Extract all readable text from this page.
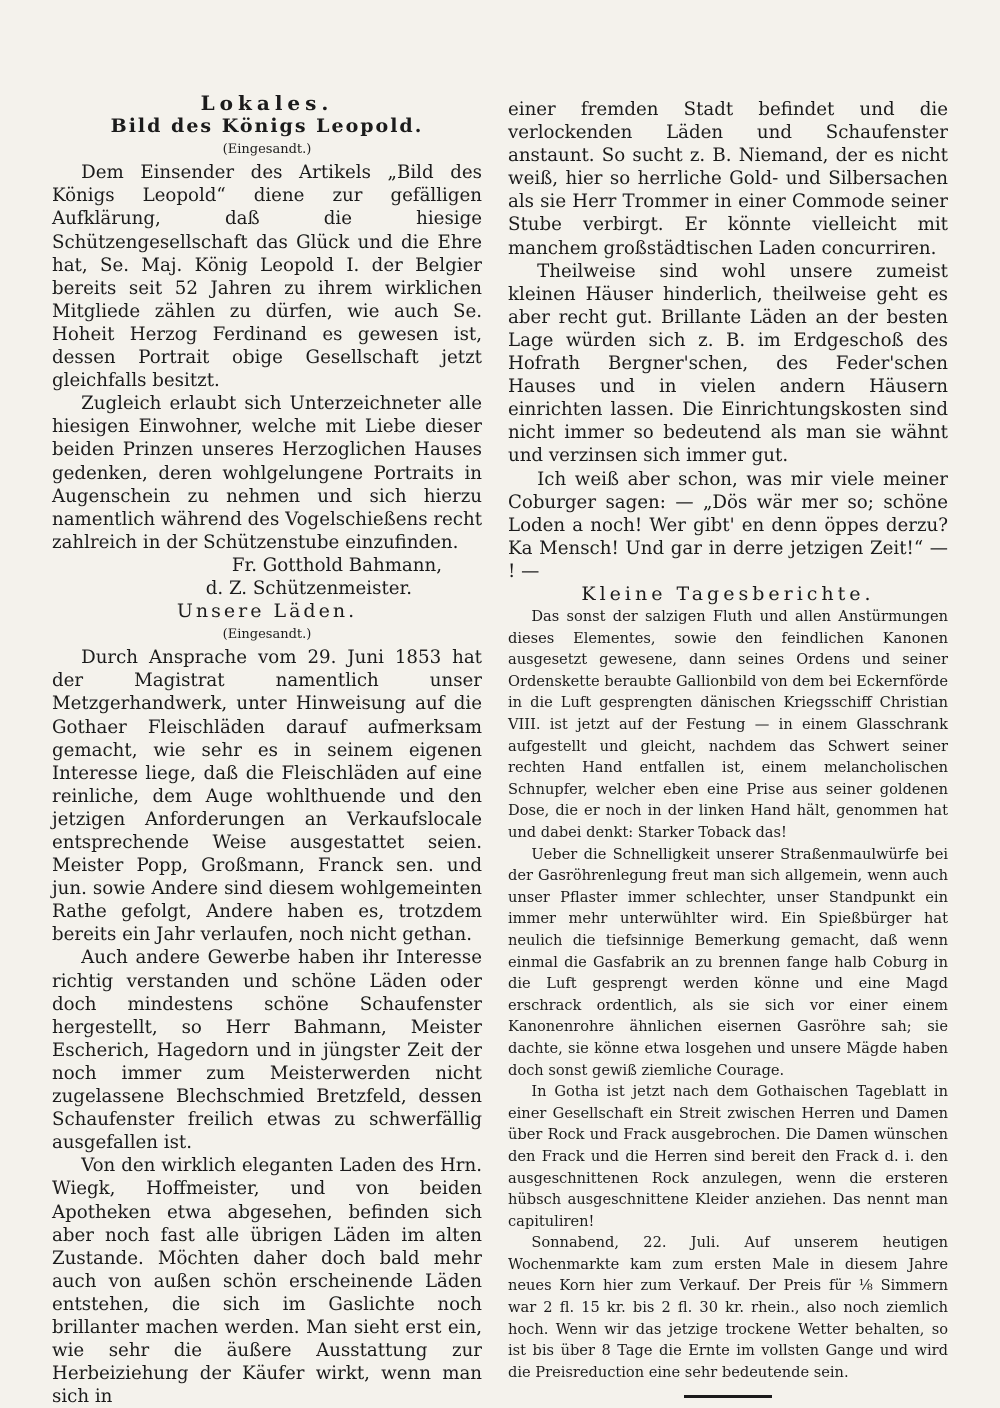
Lokales.

Bild des Königs Leopold.

(Eingesandt.)

Dem Einsender des Artikels „Bild des Königs Leopold“ diene zur gefälligen Aufklärung, daß die hiesige Schützengesellschaft das Glück und die Ehre hat, Se. Maj. König Leopold I. der Belgier bereits seit 52 Jahren zu ihrem wirklichen Mitgliede zählen zu dürfen, wie auch Se. Hoheit Herzog Ferdinand es gewesen ist, dessen Portrait obige Gesellschaft jetzt gleichfalls besitzt.

Zugleich erlaubt sich Unterzeichneter alle hiesigen Einwohner, welche mit Liebe dieser beiden Prinzen unseres Herzoglichen Hauses gedenken, deren wohlgelungene Portraits in Augenschein zu nehmen und sich hierzu namentlich während des Vogelschießens recht zahlreich in der Schützenstube einzufinden.

Fr. Gotthold Bahmann,

d. Z. Schützenmeister.

Unsere Läden.

(Eingesandt.)

Durch Ansprache vom 29. Juni 1853 hat der Magistrat namentlich unser Metzgerhandwerk, unter Hinweisung auf die Gothaer Fleischläden darauf aufmerksam gemacht, wie sehr es in seinem eigenen Interesse liege, daß die Fleischläden auf eine reinliche, dem Auge wohlthuende und den jetzigen Anforderungen an Verkaufslocale entsprechende Weise ausgestattet seien. Meister Popp, Großmann, Franck sen. und jun. sowie Andere sind diesem wohlgemeinten Rathe gefolgt, Andere haben es, trotzdem bereits ein Jahr verlaufen, noch nicht gethan.

Auch andere Gewerbe haben ihr Interesse richtig verstanden und schöne Läden oder doch mindestens schöne Schaufenster hergestellt, so Herr Bahmann, Meister Escherich, Hagedorn und in jüngster Zeit der noch immer zum Meisterwerden nicht zugelassene Blechschmied Bretzfeld, dessen Schaufenster freilich etwas zu schwerfällig ausgefallen ist.

Von den wirklich eleganten Laden des Hrn. Wiegk, Hoffmeister, und von beiden Apotheken etwa abgesehen, befinden sich aber noch fast alle übrigen Läden im alten Zustande. Möchten daher doch bald mehr auch von außen schön erscheinende Läden entstehen, die sich im Gaslichte noch brillanter machen werden. Man sieht erst ein, wie sehr die äußere Ausstattung zur Herbeiziehung der Käufer wirkt, wenn man sich in

einer fremden Stadt befindet und die verlockenden Läden und Schaufenster anstaunt. So sucht z. B. Niemand, der es nicht weiß, hier so herrliche Gold- und Silbersachen als sie Herr Trommer in einer Commode seiner Stube verbirgt. Er könnte vielleicht mit manchem großstädtischen Laden concurriren.

Theilweise sind wohl unsere zumeist kleinen Häuser hinderlich, theilweise geht es aber recht gut. Brillante Läden an der besten Lage würden sich z. B. im Erdgeschoß des Hofrath Bergner'schen, des Feder'schen Hauses und in vielen andern Häusern einrichten lassen. Die Einrichtungskosten sind nicht immer so bedeutend als man sie wähnt und verzinsen sich immer gut.

Ich weiß aber schon, was mir viele meiner Coburger sagen: — „Dös wär mer so; schöne Loden a noch! Wer gibt' en denn öppes derzu? Ka Mensch! Und gar in derre jetzigen Zeit!“ — ! —

Kleine Tagesberichte.

Das sonst der salzigen Fluth und allen Anstürmungen dieses Elementes, sowie den feindlichen Kanonen ausgesetzt gewesene, dann seines Ordens und seiner Ordenskette beraubte Gallionbild von dem bei Eckernförde in die Luft gesprengten dänischen Kriegsschiff Christian VIII. ist jetzt auf der Festung — in einem Glasschrank aufgestellt und gleicht, nachdem das Schwert seiner rechten Hand entfallen ist, einem melancholischen Schnupfer, welcher eben eine Prise aus seiner goldenen Dose, die er noch in der linken Hand hält, genommen hat und dabei denkt: Starker Toback das!

Ueber die Schnelligkeit unserer Straßenmaulwürfe bei der Gasröhrenlegung freut man sich allgemein, wenn auch unser Pflaster immer schlechter, unser Standpunkt ein immer mehr unterwühlter wird. Ein Spießbürger hat neulich die tiefsinnige Bemerkung gemacht, daß wenn einmal die Gasfabrik an zu brennen fange halb Coburg in die Luft gesprengt werden könne und eine Magd erschrack ordentlich, als sie sich vor einer einem Kanonenrohre ähnlichen eisernen Gasröhre sah; sie dachte, sie könne etwa losgehen und unsere Mägde haben doch sonst gewiß ziemliche Courage.

In Gotha ist jetzt nach dem Gothaischen Tageblatt in einer Gesellschaft ein Streit zwischen Herren und Damen über Rock und Frack ausgebrochen. Die Damen wünschen den Frack und die Herren sind bereit den Frack d. i. den ausgeschnittenen Rock anzulegen, wenn die ersteren hübsch ausgeschnittene Kleider anziehen. Das nennt man capituliren!

Sonnabend, 22. Juli. Auf unserem heutigen Wochenmarkte kam zum ersten Male in diesem Jahre neues Korn hier zum Verkauf. Der Preis für ⅛ Simmern war 2 fl. 15 kr. bis 2 fl. 30 kr. rhein., also noch ziemlich hoch. Wenn wir das jetzige trockene Wetter behalten, so ist bis über 8 Tage die Ernte im vollsten Gange und wird die Preisreduction eine sehr bedeutende sein.
